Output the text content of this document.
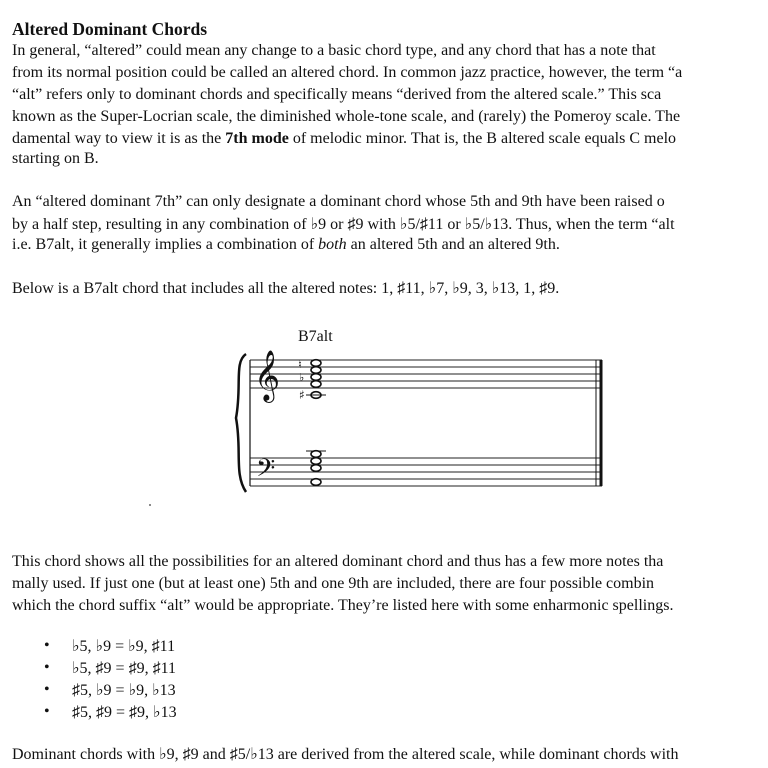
Altered Dominant Chords
In general, “altered” could mean any change to a basic chord type, and any chord that has a note that
from its normal position could be called an altered chord. In common jazz practice, however, the term “a
“alt” refers only to dominant chords and specifically means “derived from the altered scale.” This sca
known as the Super-Locrian scale, the diminished whole-tone scale, and (rarely) the Pomeroy scale. The
damental way to view it is as the 7th mode of melodic minor. That is, the B altered scale equals C melo
starting on B.
An “altered dominant 7th” can only designate a dominant chord whose 5th and 9th have been raised o
by a half step, resulting in any combination of ♭9 or ♯9 with ♭5/♯11 or ♭5/♭13. Thus, when the term “alt
i.e. B7alt, it generally implies a combination of both an altered 5th and an altered 9th.
Below is a B7alt chord that includes all the altered notes: 1, ♯11, ♭7, ♭9, 3, ♭13, 1, ♯9.
B7alt
𝄞
𝄢
♮
♭
♯
This chord shows all the possibilities for an altered dominant chord and thus has a few more notes tha
mally used. If just one (but at least one) 5th and one 9th are included, there are four possible combin
which the chord suffix “alt” would be appropriate. They’re listed here with some enharmonic spellings.
• ♭5, ♭9 = ♭9, ♯11
• ♭5, ♯9 = ♯9, ♯11
• ♯5, ♭9 = ♭9, ♭13
• ♯5, ♯9 = ♯9, ♭13
Dominant chords with ♭9, ♯9 and ♯5/♭13 are derived from the altered scale, while dominant chords with
